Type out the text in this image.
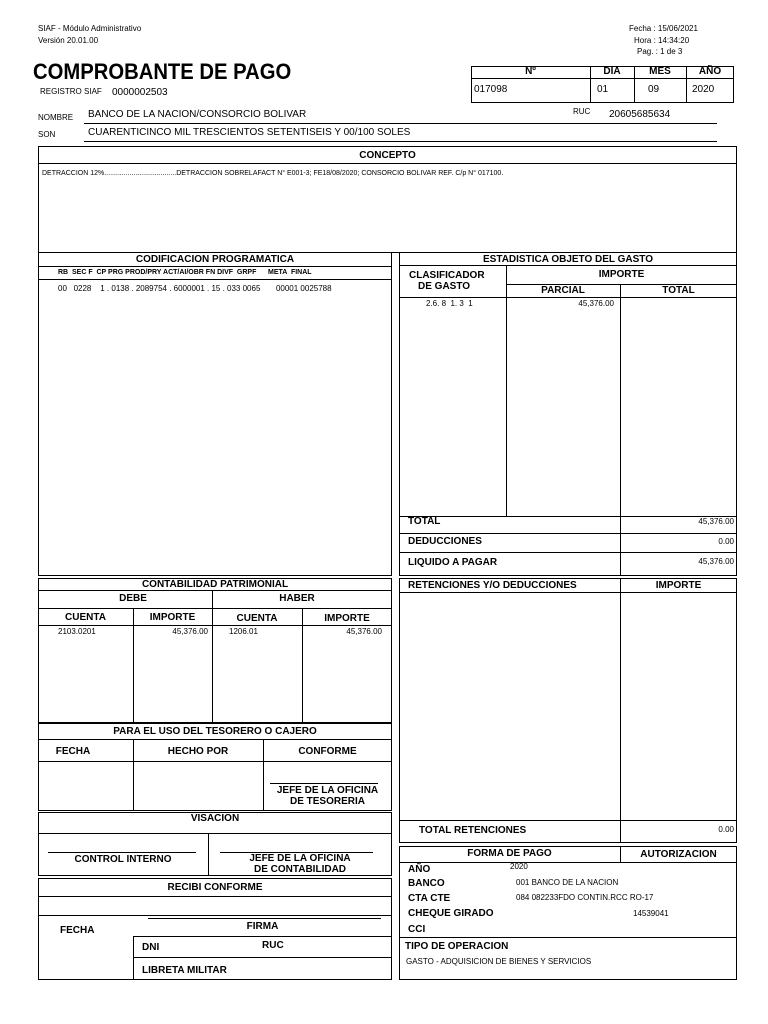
SIAF - Módulo Administrativo
Versión 20.01.00
Fecha : 15/06/2021
Hora : 14:34:20
Pag. : 1 de 3
COMPROBANTE DE PAGO
REGISTRO SIAF 0000002503
Nº	DIA	MES	AÑO
017098	01	09	2020
NOMBRE BANCO DE LA NACION/CONSORCIO BOLIVAR	RUC 20605685634
SON	CUARENTICINCO MIL TRESCIENTOS SETENTISEIS Y 00/100 SOLES
CONCEPTO
DETRACCION 12%.....................................DETRACCION SOBRELAFACT N° E001-3; FE18/08/2020; CONSORCIO BOLIVAR REF. C/p N° 017100.
CODIFICACION PROGRAMATICA
RB  SEC F  CP PRG PROD/PRY ACT/AI/OBR FN DIVF  GRPF      META  FINAL
00   0228    1 . 0138 . 2089754 . 6000001 . 15 . 033 0065       00001 0025788
ESTADISTICA OBJETO DEL GASTO
CLASIFICADOR
DE GASTO
IMPORTE
PARCIAL	TOTAL
2.6. 8  1. 3  1	45,376.00
TOTAL	45,376.00
DEDUCCIONES	0.00
LIQUIDO A PAGAR	45,376.00
CONTABILIDAD PATRIMONIAL
DEBE	HABER
CUENTA	IMPORTE	CUENTA	IMPORTE
2103.0201	45,376.00	1206.01	45,376.00
RETENCIONES Y/O DEDUCCIONES	IMPORTE
TOTAL RETENCIONES	0.00
PARA EL USO DEL TESORERO O CAJERO
FECHA	HECHO POR	CONFORME
JEFE DE LA OFICINA
DE TESORERIA
VISACION
CONTROL INTERNO	JEFE DE LA OFICINA
DE CONTABILIDAD
RECIBI CONFORME
FIRMA
FECHA
DNI	RUC
LIBRETA MILITAR
FORMA DE PAGO	AUTORIZACION
AÑO	2020
BANCO	001 BANCO DE LA NACION
CTA CTE	084 082233FDO CONTIN.RCC RO-17
CHEQUE GIRADO	14539041
CCI
TIPO DE OPERACION
GASTO - ADQUISICION DE BIENES Y SERVICIOS
